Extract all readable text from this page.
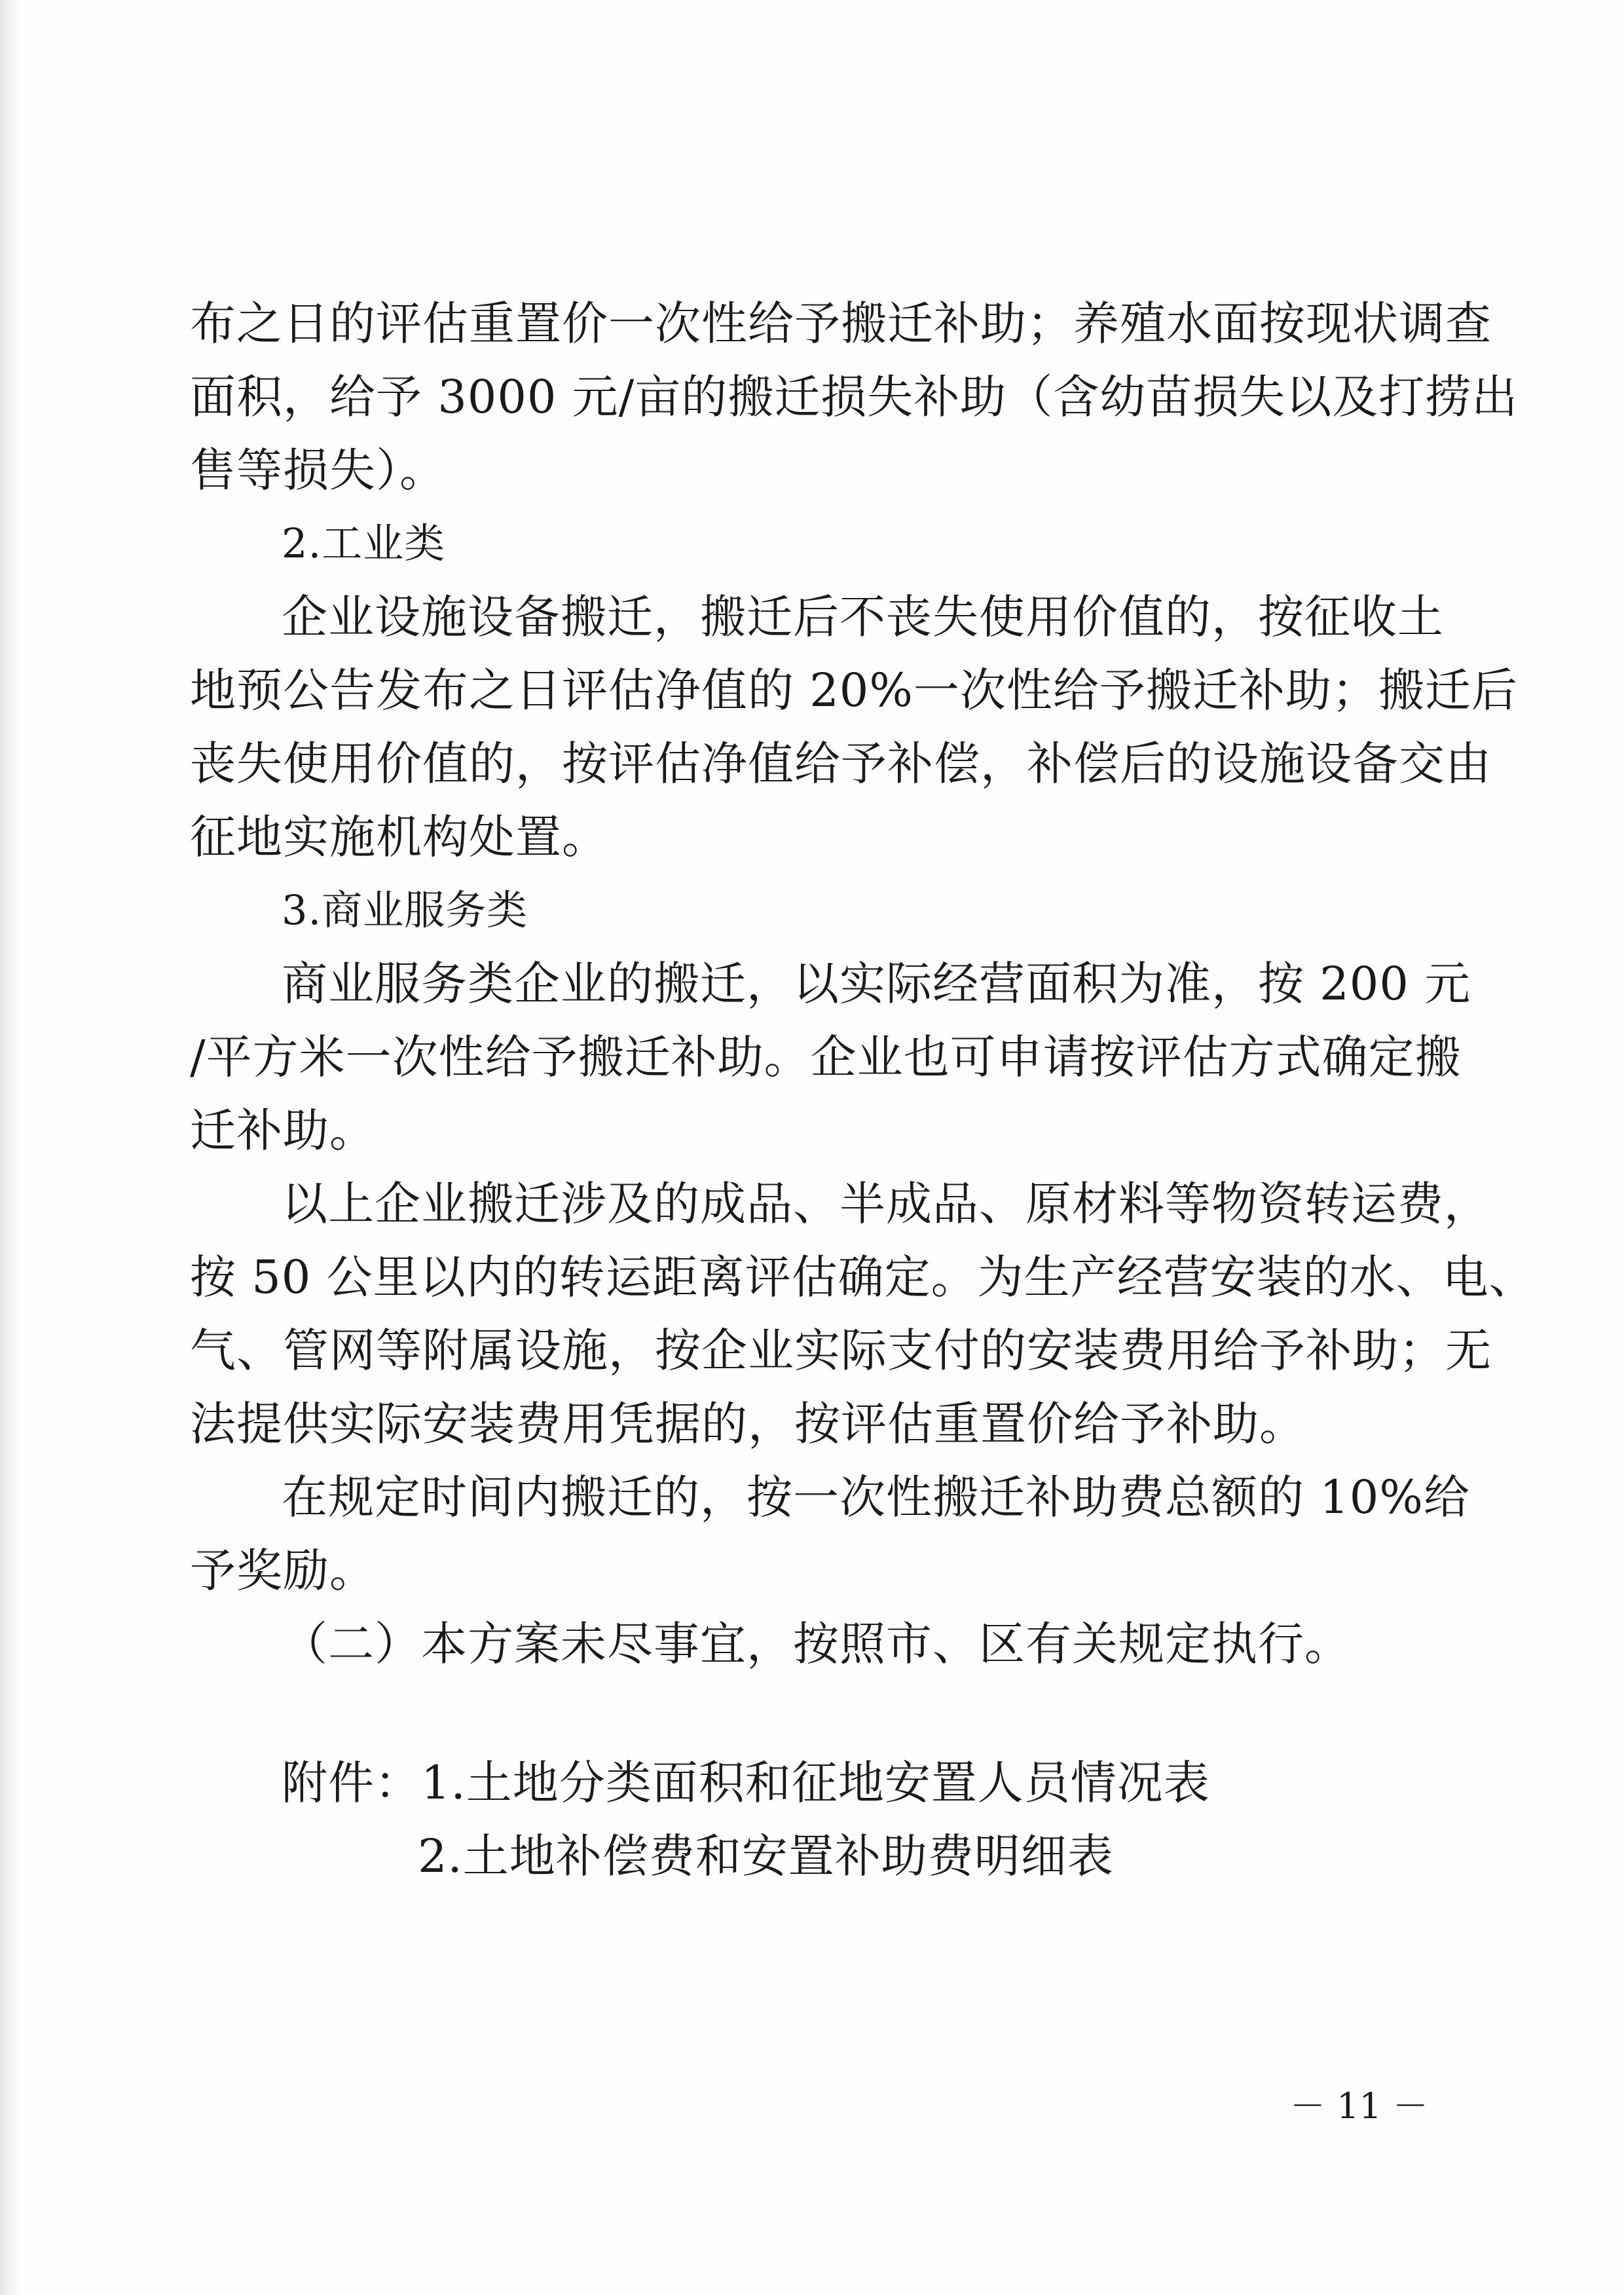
布之日的评估重置价一次性给予搬迁补助；养殖水面按现状调查
面积，给予 3000 元/亩的搬迁损失补助（含幼苗损失以及打捞出
售等损失）。
2.工业类
企业设施设备搬迁，搬迁后不丧失使用价值的，按征收土
地预公告发布之日评估净值的 20%一次性给予搬迁补助；搬迁后
丧失使用价值的，按评估净值给予补偿，补偿后的设施设备交由
征地实施机构处置。
3.商业服务类
商业服务类企业的搬迁，以实际经营面积为准，按 200 元
/平方米一次性给予搬迁补助。企业也可申请按评估方式确定搬
迁补助。
以上企业搬迁涉及的成品、半成品、原材料等物资转运费，
按 50 公里以内的转运距离评估确定。为生产经营安装的水、电、
气、管网等附属设施，按企业实际支付的安装费用给予补助；无
法提供实际安装费用凭据的，按评估重置价给予补助。
在规定时间内搬迁的，按一次性搬迁补助费总额的 10%给
予奖励。
（二）本方案未尽事宜，按照市、区有关规定执行。
附件：1.土地分类面积和征地安置人员情况表
2.土地补偿费和安置补助费明细表
－ 11 －
